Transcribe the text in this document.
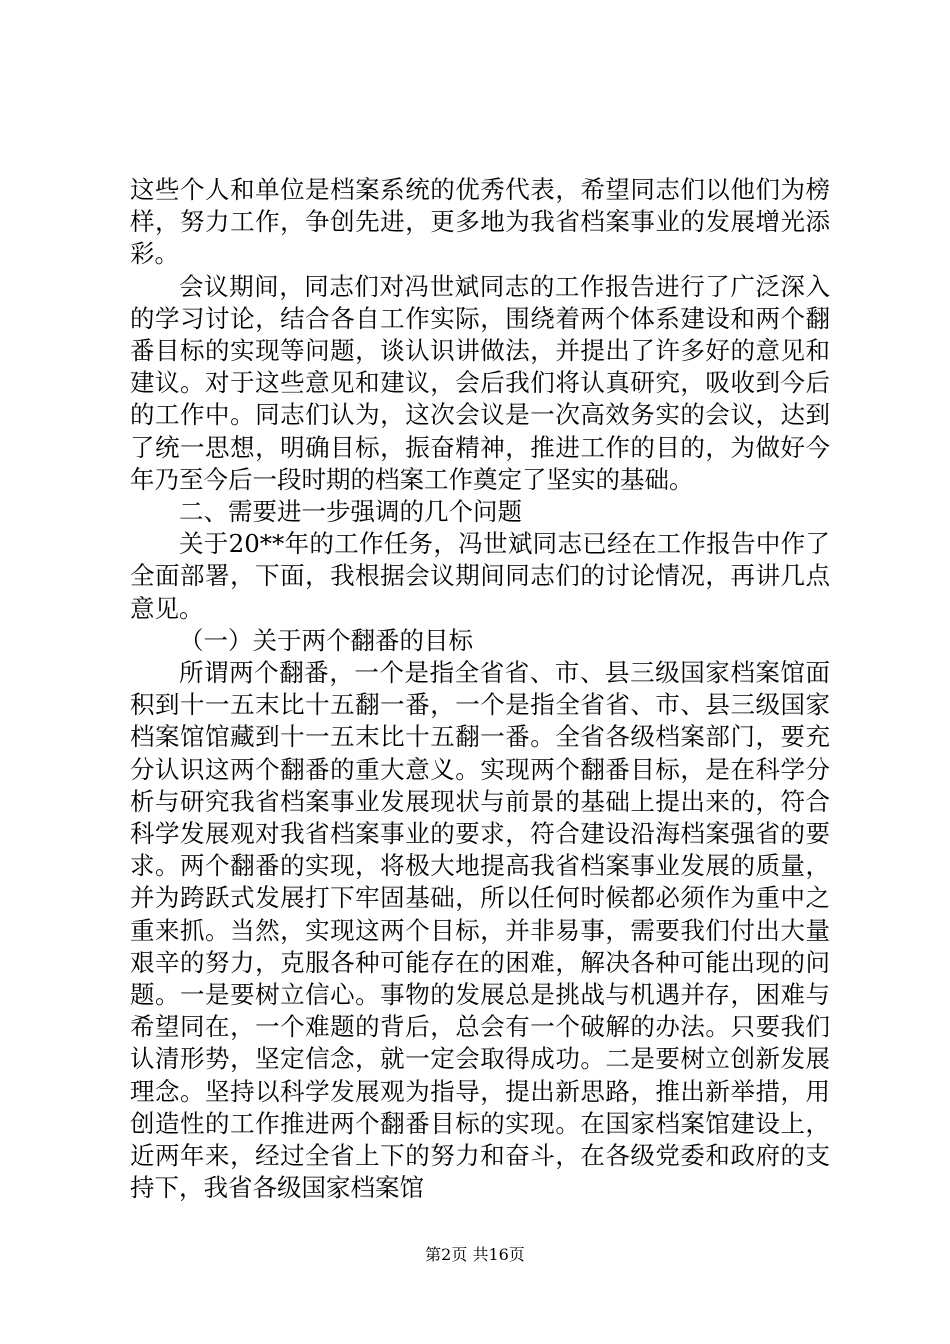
这些个人和单位是档案系统的优秀代表，希望同志们以他们为榜样，努力工作，争创先进，更多地为我省档案事业的发展增光添彩。

会议期间，同志们对冯世斌同志的工作报告进行了广泛深入的学习讨论，结合各自工作实际，围绕着两个体系建设和两个翻番目标的实现等问题，谈认识讲做法，并提出了许多好的意见和建议。对于这些意见和建议，会后我们将认真研究，吸收到今后的工作中。同志们认为，这次会议是一次高效务实的会议，达到了统一思想，明确目标，振奋精神，推进工作的目的，为做好今年乃至今后一段时期的档案工作奠定了坚实的基础。

二、需要进一步强调的几个问题

关于20**年的工作任务，冯世斌同志已经在工作报告中作了全面部署，下面，我根据会议期间同志们的讨论情况，再讲几点意见。

（一）关于两个翻番的目标

所谓两个翻番，一个是指全省省、市、县三级国家档案馆面积到十一五末比十五翻一番，一个是指全省省、市、县三级国家档案馆馆藏到十一五末比十五翻一番。全省各级档案部门，要充分认识这两个翻番的重大意义。实现两个翻番目标，是在科学分析与研究我省档案事业发展现状与前景的基础上提出来的，符合科学发展观对我省档案事业的要求，符合建设沿海档案强省的要求。两个翻番的实现，将极大地提高我省档案事业发展的质量，并为跨跃式发展打下牢固基础，所以任何时候都必须作为重中之重来抓。当然，实现这两个目标，并非易事，需要我们付出大量艰辛的努力，克服各种可能存在的困难，解决各种可能出现的问题。一是要树立信心。事物的发展总是挑战与机遇并存，困难与希望同在，一个难题的背后，总会有一个破解的办法。只要我们认清形势，坚定信念，就一定会取得成功。二是要树立创新发展理念。坚持以科学发展观为指导，提出新思路，推出新举措，用创造性的工作推进两个翻番目标的实现。在国家档案馆建设上，近两年来，经过全省上下的努力和奋斗，在各级党委和政府的支持下，我省各级国家档案馆

第2页 共16页
